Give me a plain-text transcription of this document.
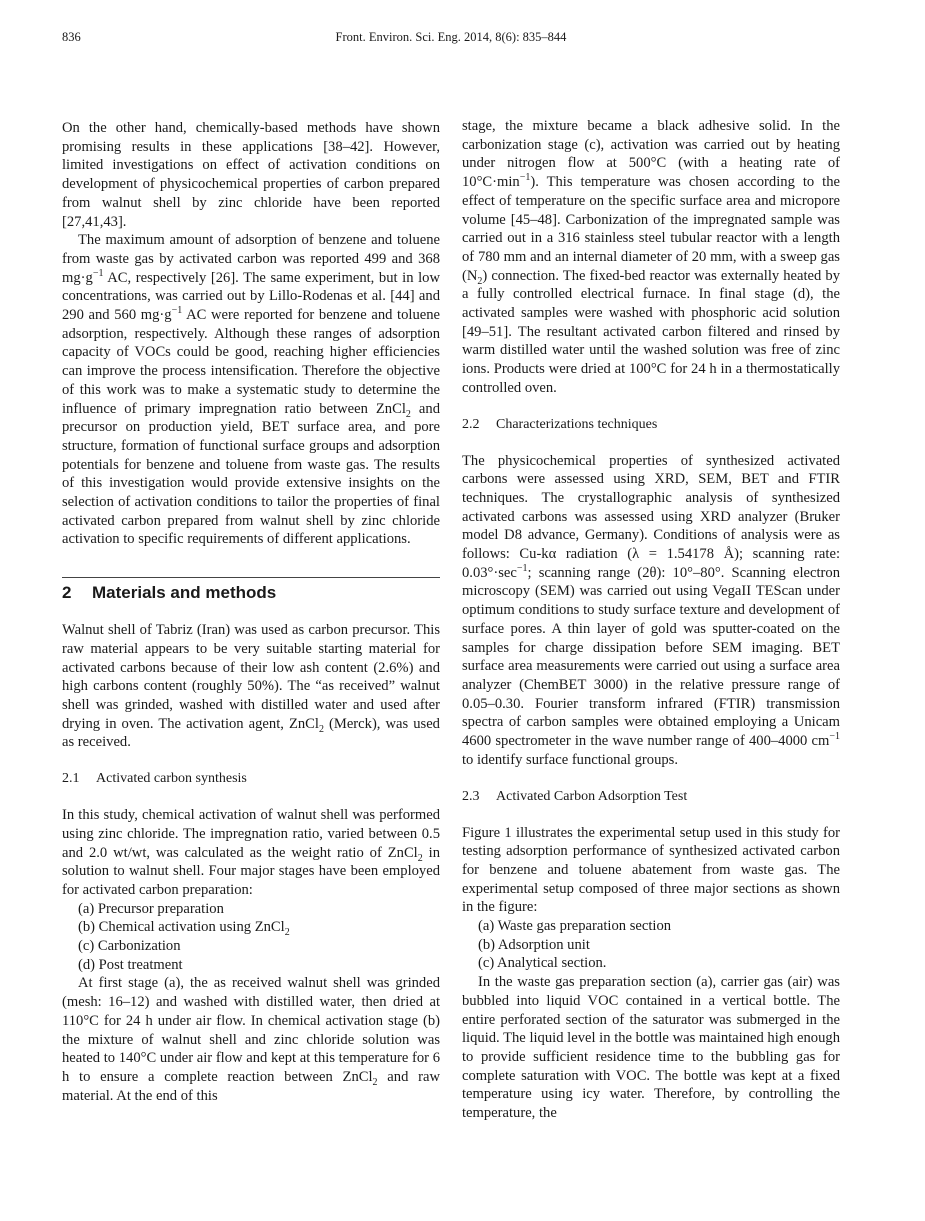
836	Front. Environ. Sci. Eng. 2014, 8(6): 835–844

On the other hand, chemically-based methods have shown promising results in these applications [38–42]. However, limited investigations on effect of activation conditions on development of physicochemical properties of carbon prepared from walnut shell by zinc chloride have been reported [27,41,43].

The maximum amount of adsorption of benzene and toluene from waste gas by activated carbon was reported 499 and 368 $mg\cdot g^{-1}$ AC, respectively [26]. The same experiment, but in low concentrations, was carried out by Lillo-Rodenas et al. [44] and 290 and 560 $mg\cdot g^{-1}$ AC were reported for benzene and toluene adsorption, respectively. Although these ranges of adsorption capacity of VOCs could be good, reaching higher efficiencies can improve the process intensification. Therefore the objective of this work was to make a systematic study to determine the influence of primary impregnation ratio between ZnCl$_2$ and precursor on production yield, BET surface area, and pore structure, formation of functional surface groups and adsorption potentials for benzene and toluene from waste gas. The results of this investigation would provide extensive insights on the selection of activation conditions to tailor the properties of final activated carbon prepared from walnut shell by zinc chloride activation to specific requirements of different applications.

2 Materials and methods

Walnut shell of Tabriz (Iran) was used as carbon precursor. This raw material appears to be very suitable starting material for activated carbons because of their low ash content (2.6%) and high carbons content (roughly 50%). The “as received” walnut shell was grinded, washed with distilled water and used after drying in oven. The activation agent, ZnCl$_2$ (Merck), was used as received.

2.1 Activated carbon synthesis

In this study, chemical activation of walnut shell was performed using zinc chloride. The impregnation ratio, varied between 0.5 and 2.0 wt/wt, was calculated as the weight ratio of ZnCl$_2$ in solution to walnut shell. Four major stages have been employed for activated carbon preparation:

(a) Precursor preparation
(b) Chemical activation using ZnCl$_2$
(c) Carbonization
(d) Post treatment

At first stage (a), the as received walnut shell was grinded (mesh: 16–12) and washed with distilled water, then dried at 110°C for 24 h under air flow. In chemical activation stage (b) the mixture of walnut shell and zinc chloride solution was heated to 140°C under air flow and kept at this temperature for 6 h to ensure a complete reaction between ZnCl$_2$ and raw material. At the end of this

stage, the mixture became a black adhesive solid. In the carbonization stage (c), activation was carried out by heating under nitrogen flow at 500°C (with a heating rate of $10^\circ C\cdot\min^{-1}$). This temperature was chosen according to the effect of temperature on the specific surface area and micropore volume [45–48]. Carbonization of the impregnated sample was carried out in a 316 stainless steel tubular reactor with a length of 780 mm and an internal diameter of 20 mm, with a sweep gas $(N_2)$ connection. The fixed-bed reactor was externally heated by a fully controlled electrical furnace. In final stage (d), the activated samples were washed with phosphoric acid solution [49–51]. The resultant activated carbon filtered and rinsed by warm distilled water until the washed solution was free of zinc ions. Products were dried at 100°C for 24 h in a thermostatically controlled oven.

2.2 Characterizations techniques

The physicochemical properties of synthesized activated carbons were assessed using XRD, SEM, BET and FTIR techniques. The crystallographic analysis of synthesized activated carbons was assessed using XRD analyzer (Bruker model D8 advance, Germany). Conditions of analysis were as follows: Cu-kα radiation (λ = 1.54178 Å); scanning rate: $0.03^\circ\cdot\sec^{-1}$; scanning range (2θ): 10°–80°. Scanning electron microscopy (SEM) was carried out using VegaII TEScan under optimum conditions to study surface texture and development of surface pores. A thin layer of gold was sputter-coated on the samples for charge dissipation before SEM imaging. BET surface area measurements were carried out using a surface area analyzer (ChemBET 3000) in the relative pressure range of 0.05–0.30. Fourier transform infrared (FTIR) transmission spectra of carbon samples were obtained employing a Unicam 4600 spectrometer in the wave number range of 400–4000 $cm^{-1}$ to identify surface functional groups.

2.3 Activated Carbon Adsorption Test

Figure 1 illustrates the experimental setup used in this study for testing adsorption performance of synthesized activated carbon for benzene and toluene abatement from waste gas. The experimental setup composed of three major sections as shown in the figure:

(a) Waste gas preparation section
(b) Adsorption unit
(c) Analytical section.

In the waste gas preparation section (a), carrier gas (air) was bubbled into liquid VOC contained in a vertical bottle. The entire perforated section of the saturator was submerged in the liquid. The liquid level in the bottle was maintained high enough to provide sufficient residence time to the bubbling gas for complete saturation with VOC. The bottle was kept at a fixed temperature using icy water. Therefore, by controlling the temperature, the
